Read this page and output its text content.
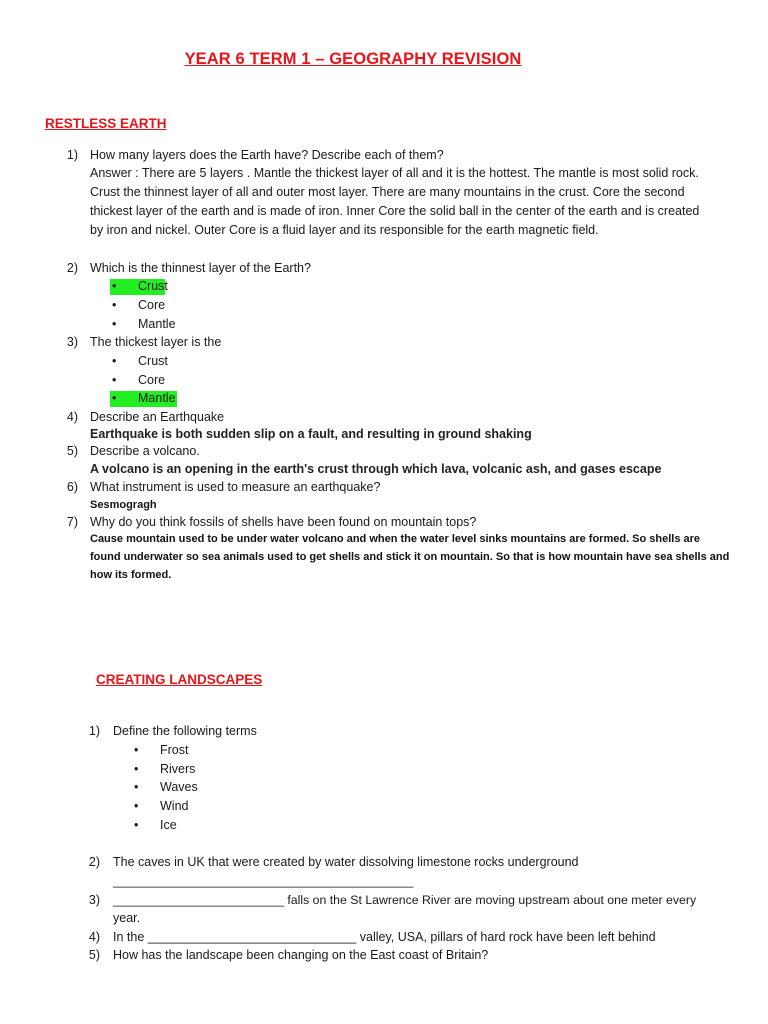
YEAR 6 TERM 1 – GEOGRAPHY REVISION
RESTLESS EARTH
1) How many layers does the Earth have? Describe each of them?
Answer : There are 5 layers . Mantle the thickest layer of all and it is the hottest. The mantle is most solid rock.
Crust the thinnest layer of all and outer most layer. There are many mountains in the crust. Core the second
thickest layer of the earth and is made of iron. Inner Core the solid ball in the center of the earth and is created
by iron and nickel. Outer Core is a fluid layer and its responsible for the earth magnetic field.
2) Which is the thinnest layer of the Earth?
• Crust
• Core
• Mantle
3) The thickest layer is the
• Crust
• Core
• Mantle
4) Describe an Earthquake
Earthquake is both sudden slip on a fault, and resulting in ground shaking
5) Describe a volcano.
A volcano is an opening in the earth's crust through which lava, volcanic ash, and gases escape
6) What instrument is used to measure an earthquake?
Sesmogragh
7) Why do you think fossils of shells have been found on mountain tops?
Cause mountain used to be under water volcano and when the water level sinks mountains are formed. So shells are
found underwater so sea animals used to get shells and stick it on mountain. So that is how mountain have sea shells and
how its formed.
CREATING LANDSCAPES
1) Define the following terms
• Frost
• Rivers
• Waves
• Wind
• Ice
2) The caves in UK that were created by water dissolving limestone rocks underground
_____________________________________________
3) _________________________ falls on the St Lawrence River are moving upstream about one meter every
year.
4) In the ______________________________ valley, USA, pillars of hard rock have been left behind
5) How has the landscape been changing on the East coast of Britain?
